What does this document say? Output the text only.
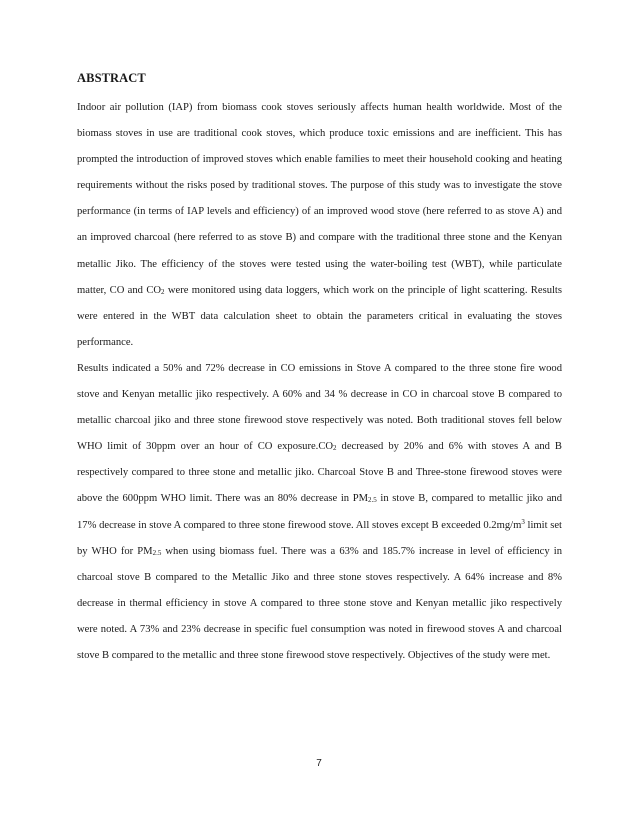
ABSTRACT

Indoor air pollution (IAP) from biomass cook stoves seriously affects human health worldwide. Most of the biomass stoves in use are traditional cook stoves, which produce toxic emissions and are inefficient. This has prompted the introduction of improved stoves which enable families to meet their household cooking and heating requirements without the risks posed by traditional stoves. The purpose of this study was to investigate the stove performance (in terms of IAP levels and efficiency) of an improved wood stove (here referred to as stove A) and an improved charcoal (here referred to as stove B) and compare with the traditional three stone and the Kenyan metallic Jiko. The efficiency of the stoves were tested using the water-boiling test (WBT), while particulate matter, CO and $CO_2$ were monitored using data loggers, which work on the principle of light scattering. Results were entered in the WBT data calculation sheet to obtain the parameters critical in evaluating the stoves performance.

Results indicated a 50% and 72% decrease in CO emissions in Stove A compared to the three stone fire wood stove and Kenyan metallic jiko respectively. A 60% and 34 % decrease in CO in charcoal stove B compared to metallic charcoal jiko and three stone firewood stove respectively was noted. Both traditional stoves fell below WHO limit of 30ppm over an hour of CO $exposure.CO_2$ decreased by 20% and 6% with stoves A and B respectively compared to three stone and metallic jiko. Charcoal Stove B and Three-stone firewood stoves were above the 600ppm WHO limit. There was an 80% decrease in $PM_{2.5}$ in stove B, compared to metallic jiko and 17% decrease in stove A compared to three stone firewood stove. All stoves except B exceeded $0.2mg/m^3$ limit set by WHO for $PM_{2.5}$ when using biomass fuel. There was a 63% and 185.7% increase in level of efficiency in charcoal stove B compared to the Metallic Jiko and three stone stoves respectively. A 64% increase and 8% decrease in thermal efficiency in stove A compared to three stone stove and Kenyan metallic jiko respectively were noted. A 73% and 23% decrease in specific fuel consumption was noted in firewood stoves A and charcoal stove B compared to the metallic and three stone firewood stove respectively. Objectives of the study were met.

7
